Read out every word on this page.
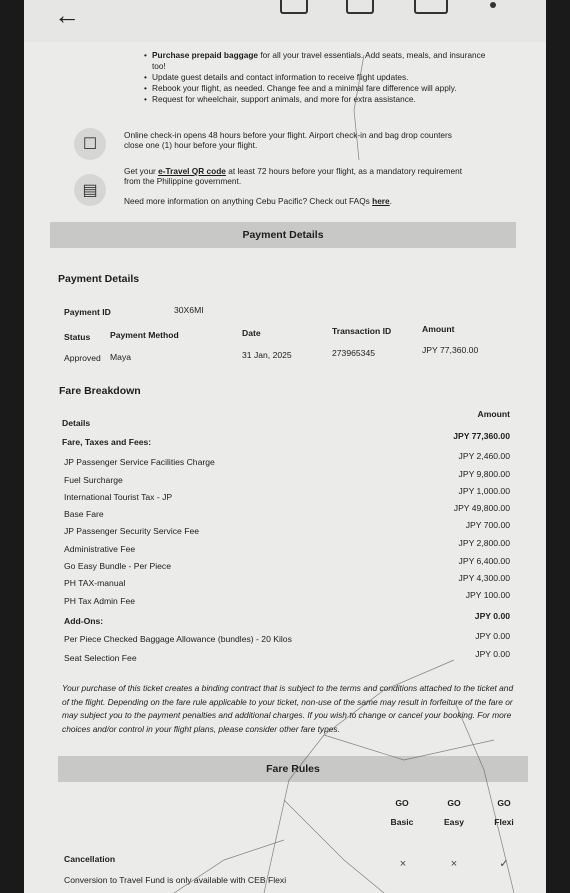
←
• Purchase prepaid baggage for all your travel essentials. Add seats, meals, and insurance too!
• Update guest details and contact information to receive flight updates.
• Rebook your flight, as needed. Change fee and a minimal fare difference will apply.
• Request for wheelchair, support animals, and more for extra assistance.
☐
Online check-in opens 48 hours before your flight. Airport check-in and bag drop counters
close one (1) hour before your flight.
▤
Get your e-Travel QR code at least 72 hours before your flight, as a mandatory requirement
from the Philippine government.
Need more information on anything Cebu Pacific? Check out FAQs here.
Payment Details
Payment Details
Payment ID	30X6MI
Status Payment Method	Date	Transaction ID	Amount
Approved Maya	31 Jan, 2025	273965345	JPY 77,360.00
Fare Breakdown
Details
Amount
Fare, Taxes and Fees:
JPY 77,360.00
JP Passenger Service Facilities Charge
JPY 2,460.00
Fuel Surcharge
JPY 9,800.00
International Tourist Tax - JP
JPY 1,000.00
Base Fare
JPY 49,800.00
JP Passenger Security Service Fee
JPY 700.00
Administrative Fee
JPY 2,800.00
Go Easy Bundle - Per Piece	JPY 6,400.00
PH TAX-manual	JPY 4,300.00
PH Tax Admin Fee
JPY 100.00
Add-Ons:	JPY 0.00
Per Piece Checked Baggage Allowance (bundles) - 20 Kilos	JPY 0.00
Seat Selection Fee	JPY 0.00
Your purchase of this ticket creates a binding contract that is subject to the terms and conditions attached to the ticket and of the flight. Depending on the fare rule applicable to your ticket, non-use of the same may result in forfeiture of the fare or may subject you to the payment penalties and additional charges. If you wish to change or cancel your booking. For more choices and/or control in your flight plans, please consider other fare types.
Fare Rules
GO
Basic
GO
Easy
GO
Flexi
Cancellation	×	×	✓
Conversion to Travel Fund is only available with CEB Flexi
